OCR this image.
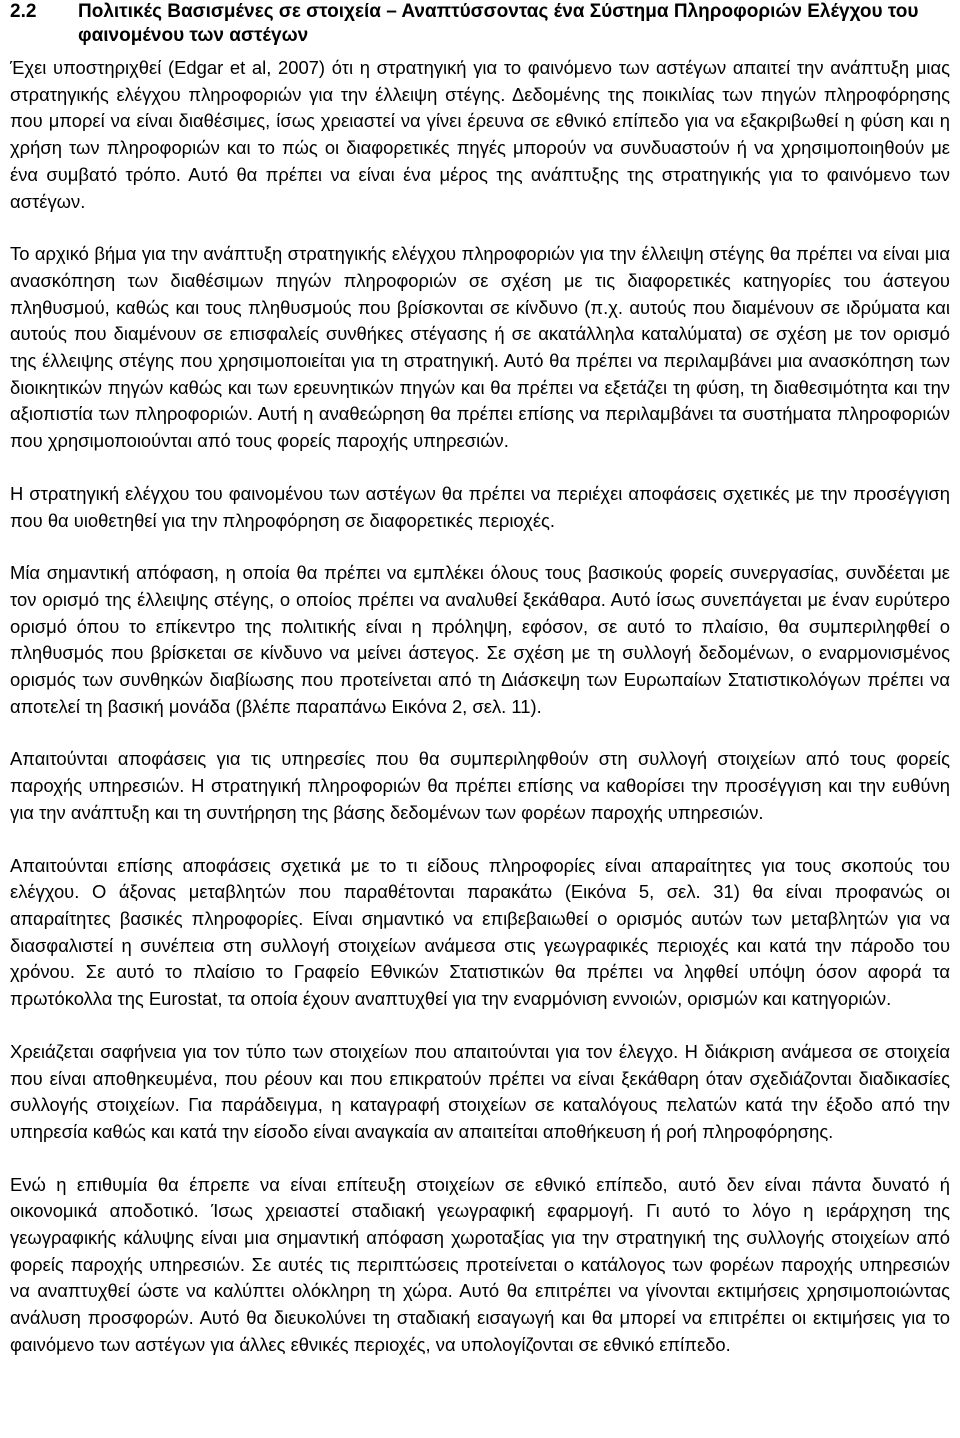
2.2	Πολιτικές Βασισμένες σε στοιχεία – Αναπτύσσοντας ένα Σύστημα Πληροφοριών Ελέγχου του φαινομένου των αστέγων

Έχει υποστηριχθεί (Edgar et al, 2007) ότι η στρατηγική για το φαινόμενο των αστέγων απαιτεί την ανάπτυξη μιας στρατηγικής ελέγχου πληροφοριών για την έλλειψη στέγης. Δεδομένης της ποικιλίας των πηγών πληροφόρησης που μπορεί να είναι διαθέσιμες, ίσως χρειαστεί να γίνει έρευνα σε εθνικό επίπεδο για να εξακριβωθεί η φύση και η χρήση των πληροφοριών και το πώς οι διαφορετικές πηγές μπορούν να συνδυαστούν ή να χρησιμοποιηθούν με ένα συμβατό τρόπο. Αυτό θα πρέπει να είναι ένα μέρος της ανάπτυξης της στρατηγικής για το φαινόμενο των αστέγων.

Το αρχικό βήμα για την ανάπτυξη στρατηγικής ελέγχου πληροφοριών για την έλλειψη στέγης θα πρέπει να είναι μια ανασκόπηση των διαθέσιμων πηγών πληροφοριών σε σχέση με τις διαφορετικές κατηγορίες του άστεγου πληθυσμού, καθώς και τους πληθυσμούς που βρίσκονται σε κίνδυνο (π.χ. αυτούς που διαμένουν σε ιδρύματα και αυτούς που διαμένουν σε επισφαλείς συνθήκες στέγασης ή σε ακατάλληλα καταλύματα) σε σχέση με τον ορισμό της έλλειψης στέγης που χρησιμοποιείται για τη στρατηγική. Αυτό θα πρέπει να περιλαμβάνει μια ανασκόπηση των διοικητικών πηγών καθώς και των ερευνητικών πηγών και θα πρέπει να εξετάζει τη φύση, τη διαθεσιμότητα και την αξιοπιστία των πληροφοριών. Αυτή η αναθεώρηση θα πρέπει επίσης να περιλαμβάνει τα συστήματα πληροφοριών που χρησιμοποιούνται από τους φορείς παροχής υπηρεσιών.

Η στρατηγική ελέγχου του φαινομένου των αστέγων θα πρέπει να περιέχει αποφάσεις σχετικές με την προσέγγιση που θα υιοθετηθεί για την πληροφόρηση σε διαφορετικές περιοχές.

Μία σημαντική απόφαση, η οποία θα πρέπει να εμπλέκει όλους τους βασικούς φορείς συνεργασίας, συνδέεται με τον ορισμό της έλλειψης στέγης, ο οποίος πρέπει να αναλυθεί ξεκάθαρα. Αυτό ίσως συνεπάγεται με έναν ευρύτερο ορισμό όπου το επίκεντρο της πολιτικής είναι η πρόληψη, εφόσον, σε αυτό το πλαίσιο, θα συμπεριληφθεί ο πληθυσμός που βρίσκεται σε κίνδυνο να μείνει άστεγος. Σε σχέση με τη συλλογή δεδομένων, ο εναρμονισμένος ορισμός των συνθηκών διαβίωσης που προτείνεται από τη Διάσκεψη των Ευρωπαίων Στατιστικολόγων πρέπει να αποτελεί τη βασική μονάδα (βλέπε παραπάνω Εικόνα 2, σελ. 11).

Απαιτούνται αποφάσεις για τις υπηρεσίες που θα συμπεριληφθούν στη συλλογή στοιχείων από τους φορείς παροχής υπηρεσιών. Η στρατηγική πληροφοριών θα πρέπει επίσης να καθορίσει την προσέγγιση και την ευθύνη για την ανάπτυξη και τη συντήρηση της βάσης δεδομένων των φορέων παροχής υπηρεσιών.

Απαιτούνται επίσης αποφάσεις σχετικά με το τι είδους πληροφορίες είναι απαραίτητες για τους σκοπούς του ελέγχου. Ο άξονας μεταβλητών που παραθέτονται παρακάτω (Εικόνα 5, σελ. 31) θα είναι προφανώς οι απαραίτητες βασικές πληροφορίες. Είναι σημαντικό να επιβεβαιωθεί ο ορισμός αυτών των μεταβλητών για να διασφαλιστεί η συνέπεια στη συλλογή στοιχείων ανάμεσα στις γεωγραφικές περιοχές και κατά την πάροδο του χρόνου. Σε αυτό το πλαίσιο το Γραφείο Εθνικών Στατιστικών θα πρέπει να ληφθεί υπόψη όσον αφορά τα πρωτόκολλα της Eurostat, τα οποία έχουν αναπτυχθεί για την εναρμόνιση εννοιών, ορισμών και κατηγοριών.

Χρειάζεται σαφήνεια για τον τύπο των στοιχείων που απαιτούνται για τον έλεγχο. Η διάκριση ανάμεσα σε στοιχεία που είναι αποθηκευμένα, που ρέουν και που επικρατούν πρέπει να είναι ξεκάθαρη όταν σχεδιάζονται διαδικασίες συλλογής στοιχείων. Για παράδειγμα, η καταγραφή στοιχείων σε καταλόγους πελατών κατά την έξοδο από την υπηρεσία καθώς και κατά την είσοδο είναι αναγκαία αν απαιτείται αποθήκευση ή ροή πληροφόρησης.

Ενώ η επιθυμία θα έπρεπε να είναι επίτευξη στοιχείων σε εθνικό επίπεδο, αυτό δεν είναι πάντα δυνατό ή οικονομικά αποδοτικό. Ίσως χρειαστεί σταδιακή γεωγραφική εφαρμογή. Γι αυτό το λόγο η ιεράρχηση της γεωγραφικής κάλυψης είναι μια σημαντική απόφαση χωροταξίας για την στρατηγική της συλλογής στοιχείων από φορείς παροχής υπηρεσιών. Σε αυτές τις περιπτώσεις προτείνεται ο κατάλογος των φορέων παροχής υπηρεσιών να αναπτυχθεί ώστε να καλύπτει ολόκληρη τη χώρα. Αυτό θα επιτρέπει να γίνονται εκτιμήσεις χρησιμοποιώντας ανάλυση προσφορών. Αυτό θα διευκολύνει τη σταδιακή εισαγωγή και θα μπορεί να επιτρέπει οι εκτιμήσεις για το φαινόμενο των αστέγων για άλλες εθνικές περιοχές, να υπολογίζονται σε εθνικό επίπεδο.
